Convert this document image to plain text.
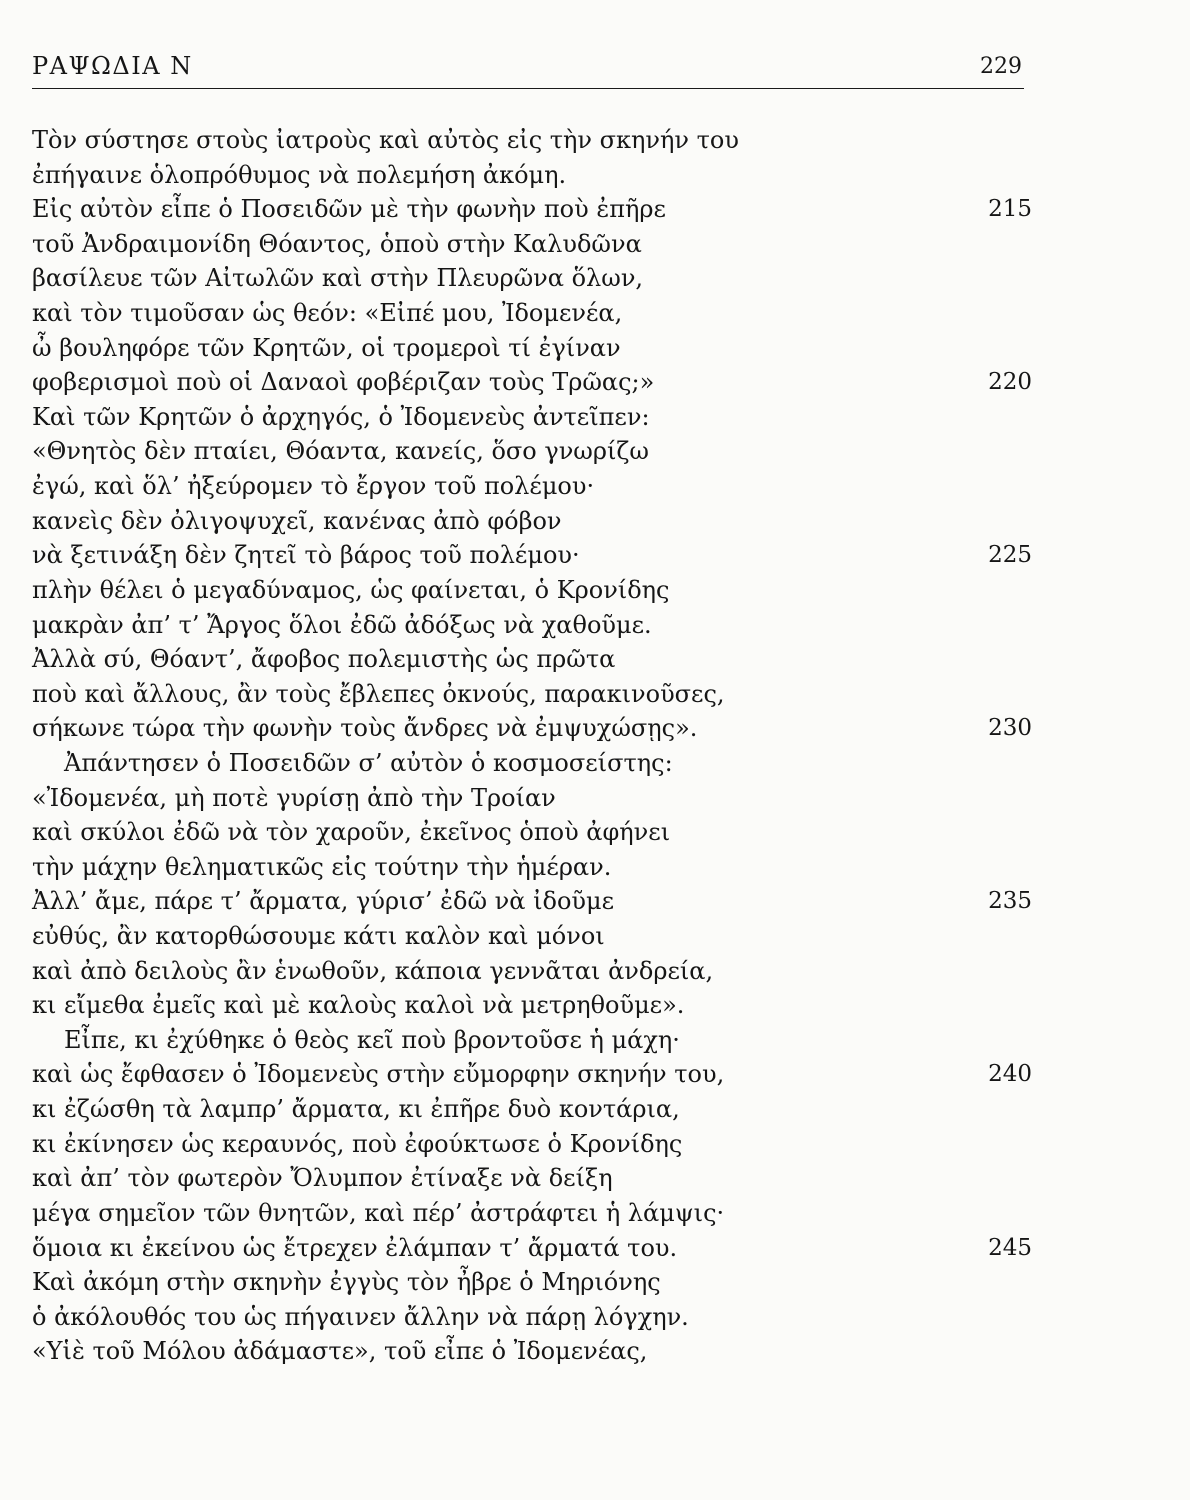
ΡΑΨΩΔΙΑ Ν	229
Τὸν σύστησε στοὺς ἰατροὺς καὶ αὐτὸς εἰς τὴν σκηνήν του
ἐπήγαινε ὁλοπρόθυμος νὰ πολεμήση ἀκόμη.
Εἰς αὐτὸν εἶπε ὁ Ποσειδῶν μὲ τὴν φωνὴν ποὺ ἐπῆρε	215
τοῦ Ἀνδραιμονίδη Θόαντος, ὁποὺ στὴν Καλυδῶνα
βασίλευε τῶν Αἰτωλῶν καὶ στὴν Πλευρῶνα ὅλων,
καὶ τὸν τιμοῦσαν ὡς θεόν: «Εἰπέ μου, Ἰδομενέα,
ὦ βουληφόρε τῶν Κρητῶν, οἱ τρομεροὶ τί ἐγίναν
φοβερισμοὶ ποὺ οἱ Δαναοὶ φοβέριζαν τοὺς Τρῶας;»	220
Καὶ τῶν Κρητῶν ὁ ἀρχηγός, ὁ Ἰδομενεὺς ἀντεῖπεν:
«Θνητὸς δὲν πταίει, Θόαντα, κανείς, ὅσο γνωρίζω
ἐγώ, καὶ ὅλ’ ἠξεύρομεν τὸ ἔργον τοῦ πολέμου·
κανεὶς δὲν ὀλιγοψυχεῖ, κανένας ἀπὸ φόβον
νὰ ξετινάξη δὲν ζητεῖ τὸ βάρος τοῦ πολέμου·	225
πλὴν θέλει ὁ μεγαδύναμος, ὡς φαίνεται, ὁ Κρονίδης
μακρὰν ἀπ’ τ’ Ἄργος ὅλοι ἐδῶ ἀδόξως νὰ χαθοῦμε.
Ἀλλὰ σύ, Θόαντ’, ἄφοβος πολεμιστὴς ὡς πρῶτα
ποὺ καὶ ἄλλους, ἂν τοὺς ἔβλεπες ὀκνούς, παρακινοῦσες,
σήκωνε τώρα τὴν φωνὴν τοὺς ἄνδρες νὰ ἐμψυχώσῃς».	230
Ἀπάντησεν ὁ Ποσειδῶν σ’ αὐτὸν ὁ κοσμοσείστης:
«Ἰδομενέα, μὴ ποτὲ γυρίσῃ ἀπὸ τὴν Τροίαν
καὶ σκύλοι ἐδῶ νὰ τὸν χαροῦν, ἐκεῖνος ὁποὺ ἀφήνει
τὴν μάχην θεληματικῶς εἰς τούτην τὴν ἡμέραν.
Ἀλλ’ ἄμε, πάρε τ’ ἄρματα, γύρισ’ ἐδῶ νὰ ἰδοῦμε	235
εὐθύς, ἂν κατορθώσουμε κάτι καλὸν καὶ μόνοι
καὶ ἀπὸ δειλοὺς ἂν ἑνωθοῦν, κάποια γεννᾶται ἀνδρεία,
κι εἴμεθα ἐμεῖς καὶ μὲ καλοὺς καλοὶ νὰ μετρηθοῦμε».
Εἶπε, κι ἐχύθηκε ὁ θεὸς κεῖ ποὺ βροντοῦσε ἡ μάχη·
καὶ ὡς ἔφθασεν ὁ Ἰδομενεὺς στὴν εὔμορφην σκηνήν του,	240
κι ἐζώσθη τὰ λαμπρ’ ἄρματα, κι ἐπῆρε δυὸ κοντάρια,
κι ἐκίνησεν ὡς κεραυνός, ποὺ ἐφούκτωσε ὁ Κρονίδης
καὶ ἀπ’ τὸν φωτερὸν Ὄλυμπον ἐτίναξε νὰ δείξη
μέγα σημεῖον τῶν θνητῶν, καὶ πέρ’ ἀστράφτει ἡ λάμψις·
ὅμοια κι ἐκείνου ὡς ἔτρεχεν ἐλάμπαν τ’ ἄρματά του.	245
Καὶ ἀκόμη στὴν σκηνὴν ἐγγὺς τὸν ἦβρε ὁ Μηριόνης
ὁ ἀκόλουθός του ὡς πήγαινεν ἄλλην νὰ πάρῃ λόγχην.
«Υἱὲ τοῦ Μόλου ἀδάμαστε», τοῦ εἶπε ὁ Ἰδομενέας,
